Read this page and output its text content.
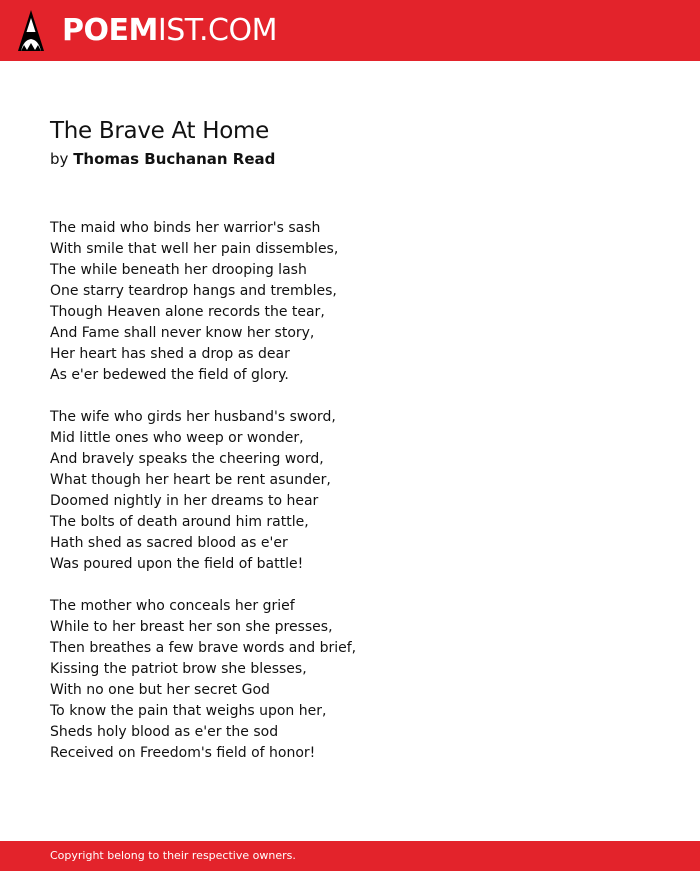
POEMIST.COM
The Brave At Home
by Thomas Buchanan Read
The maid who binds her warrior's sash
With smile that well her pain dissembles,
The while beneath her drooping lash
One starry teardrop hangs and trembles,
Though Heaven alone records the tear,
And Fame shall never know her story,
Her heart has shed a drop as dear
As e'er bedewed the field of glory.
The wife who girds her husband's sword,
Mid little ones who weep or wonder,
And bravely speaks the cheering word,
What though her heart be rent asunder,
Doomed nightly in her dreams to hear
The bolts of death around him rattle,
Hath shed as sacred blood as e'er
Was poured upon the field of battle!
The mother who conceals her grief
While to her breast her son she presses,
Then breathes a few brave words and brief,
Kissing the patriot brow she blesses,
With no one but her secret God
To know the pain that weighs upon her,
Sheds holy blood as e'er the sod
Received on Freedom's field of honor!
Copyright belong to their respective owners.
